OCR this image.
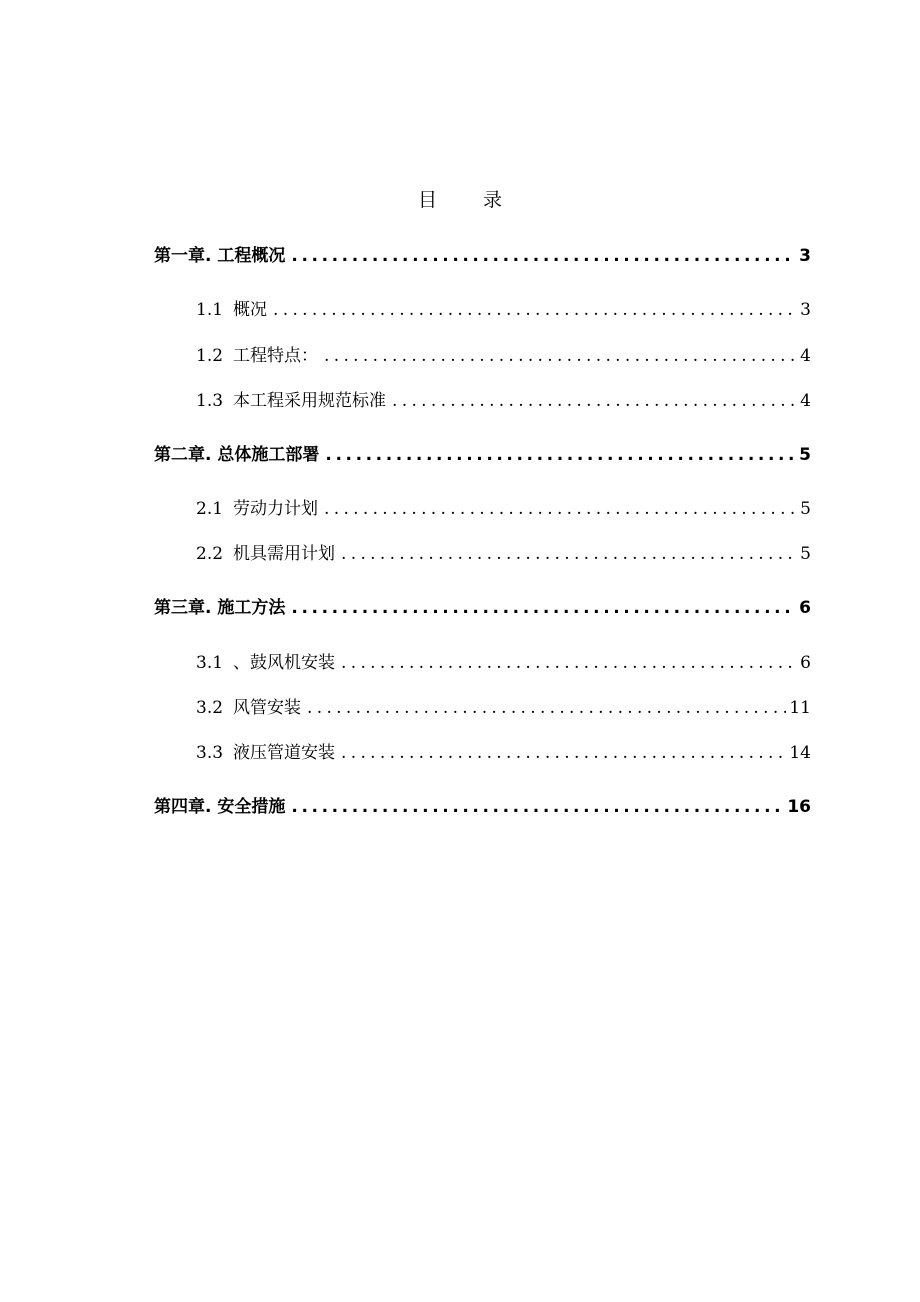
目录
第一章. 工程概况 .....	3
1.1 概况 .....	3
1.2 工程特点： .....	4
1.3 本工程采用规范标准 .....	4
第二章. 总体施工部署 .....	5
2.1 劳动力计划 .....	5
2.2 机具需用计划 .....	5
第三章. 施工方法 .....	6
3.1 、鼓风机安装 .....	6
3.2 风管安装 .....	11
3.3 液压管道安装 .....	14
第四章. 安全措施 .....	16
